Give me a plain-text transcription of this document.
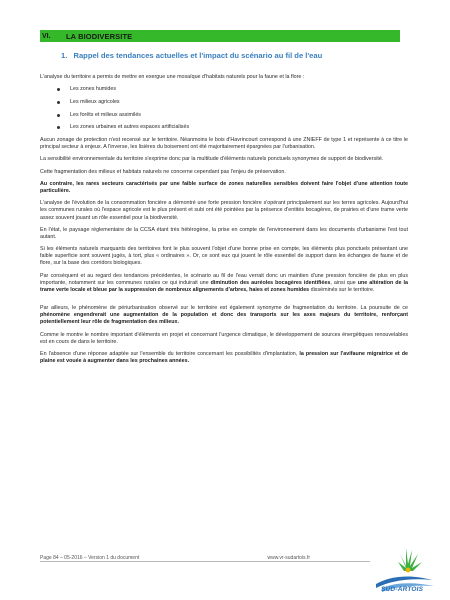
VI.	LA BIODIVERSITE
1. Rappel des tendances actuelles et l'impact du scénario au fil de l'eau

L'analyse du territoire a permis de mettre en exergue une mosaïque d'habitats naturels pour la faune et la flore :

Les zones humides
Les milieux agricoles
Les forêts et milieux assimilés
Les zones urbaines et autres espaces artificialisés

Aucun zonage de protection n'est recensé sur le territoire. Néanmoins le bois d'Havrincourt correspond à une ZNIEFF de type 1 et représente à ce titre le principal secteur à enjeux. A l'inverse, les lisières du boisement ont été majoritairement épargnées par l'urbanisation.

La sensibilité environnementale du territoire s'exprime donc par la multitude d'éléments naturels ponctuels synonymes de support de biodiversité.

Cette fragmentation des milieux et habitats naturels ne concerne cependant pas l'enjeu de préservation.

Au contraire, les rares secteurs caractérisés par une faible surface de zones naturelles sensibles doivent faire l'objet d'une attention toute particulière.

L'analyse de l'évolution de la consommation foncière a démontré une forte pression foncière s'opérant principalement sur les terres agricoles. Aujourd'hui les communes rurales où l'espace agricole est le plus présent et subi ont été pointées par la présence d'entités bocagères, de prairies et d'une trame verte assez souvent jouant un rôle essentiel pour la biodiversité.

En l'état, le paysage réglementaire de la CCSA étant très hétérogène, la prise en compte de l'environnement dans les documents d'urbanisme l'est tout autant.

Si les éléments naturels marquants des territoires font le plus souvent l'objet d'une bonne prise en compte, les éléments plus ponctuels présentant une faible superficie sont souvent jugés, à tort, plus « ordinaires ». Or, ce sont eux qui jouent le rôle essentiel de support dans les échanges de faune et de flore, sur la base des corridors biologiques.

Par conséquent et au regard des tendances précédentes, le scénario au fil de l'eau verrait donc un maintien d'une pression foncière de plus en plus importante, notamment sur les communes rurales ce qui induirait une diminution des auréoles bocagères identifiées, ainsi que une altération de la trame verte locale et bleue par la suppression de nombreux alignements d'arbres, haies et zones humides disséminés sur le territoire.

Par ailleurs, le phénomène de périurbanisation observé sur le territoire est également synonyme de fragmentation du territoire. La poursuite de ce phénomène engendrerait une augmentation de la population et donc des transports sur les axes majeurs du territoire, renforçant potentiellement leur rôle de fragmentation des milieux.

Comme le montre le nombre important d'éléments en projet et concernant l'urgence climatique, le développement de sources énergétiques renouvelables est en cours de dans le territoire.

En l'absence d'une réponse adaptée sur l'ensemble du territoire concernant les possibilités d'implantation, la pression sur l'avifaune migratrice et de plaine est vouée à augmenter dans les prochaines années.

Page 84 – 05-2016 – Version 1 du document	www.vr-sudartois.fr
SUD-ARTOIS
